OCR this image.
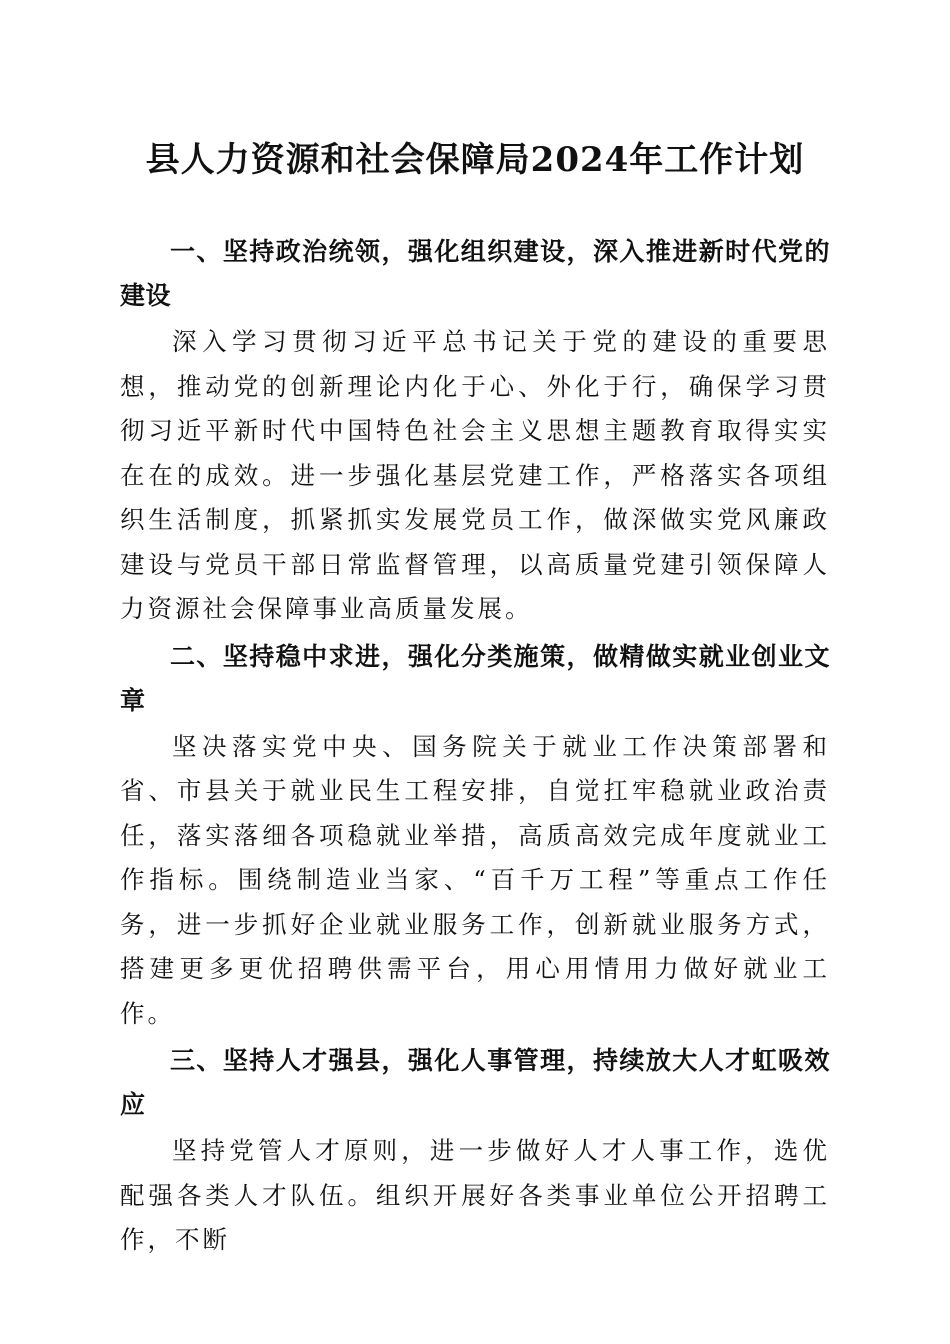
县人力资源和社会保障局2024年工作计划

一、坚持政治统领，强化组织建设，深入推进新时代党的建设

深入学习贯彻习近平总书记关于党的建设的重要思想，推动党的创新理论内化于心、外化于行，确保学习贯彻习近平新时代中国特色社会主义思想主题教育取得实实在在的成效。进一步强化基层党建工作，严格落实各项组织生活制度，抓紧抓实发展党员工作，做深做实党风廉政建设与党员干部日常监督管理，以高质量党建引领保障人力资源社会保障事业高质量发展。

二、坚持稳中求进，强化分类施策，做精做实就业创业文章

坚决落实党中央、国务院关于就业工作决策部署和省、市县关于就业民生工程安排，自觉扛牢稳就业政治责任，落实落细各项稳就业举措，高质高效完成年度就业工作指标。围绕制造业当家、“百千万工程”等重点工作任务，进一步抓好企业就业服务工作，创新就业服务方式，搭建更多更优招聘供需平台，用心用情用力做好就业工作。

三、坚持人才强县，强化人事管理，持续放大人才虹吸效应

坚持党管人才原则，进一步做好人才人事工作，选优配强各类人才队伍。组织开展好各类事业单位公开招聘工作，不断
